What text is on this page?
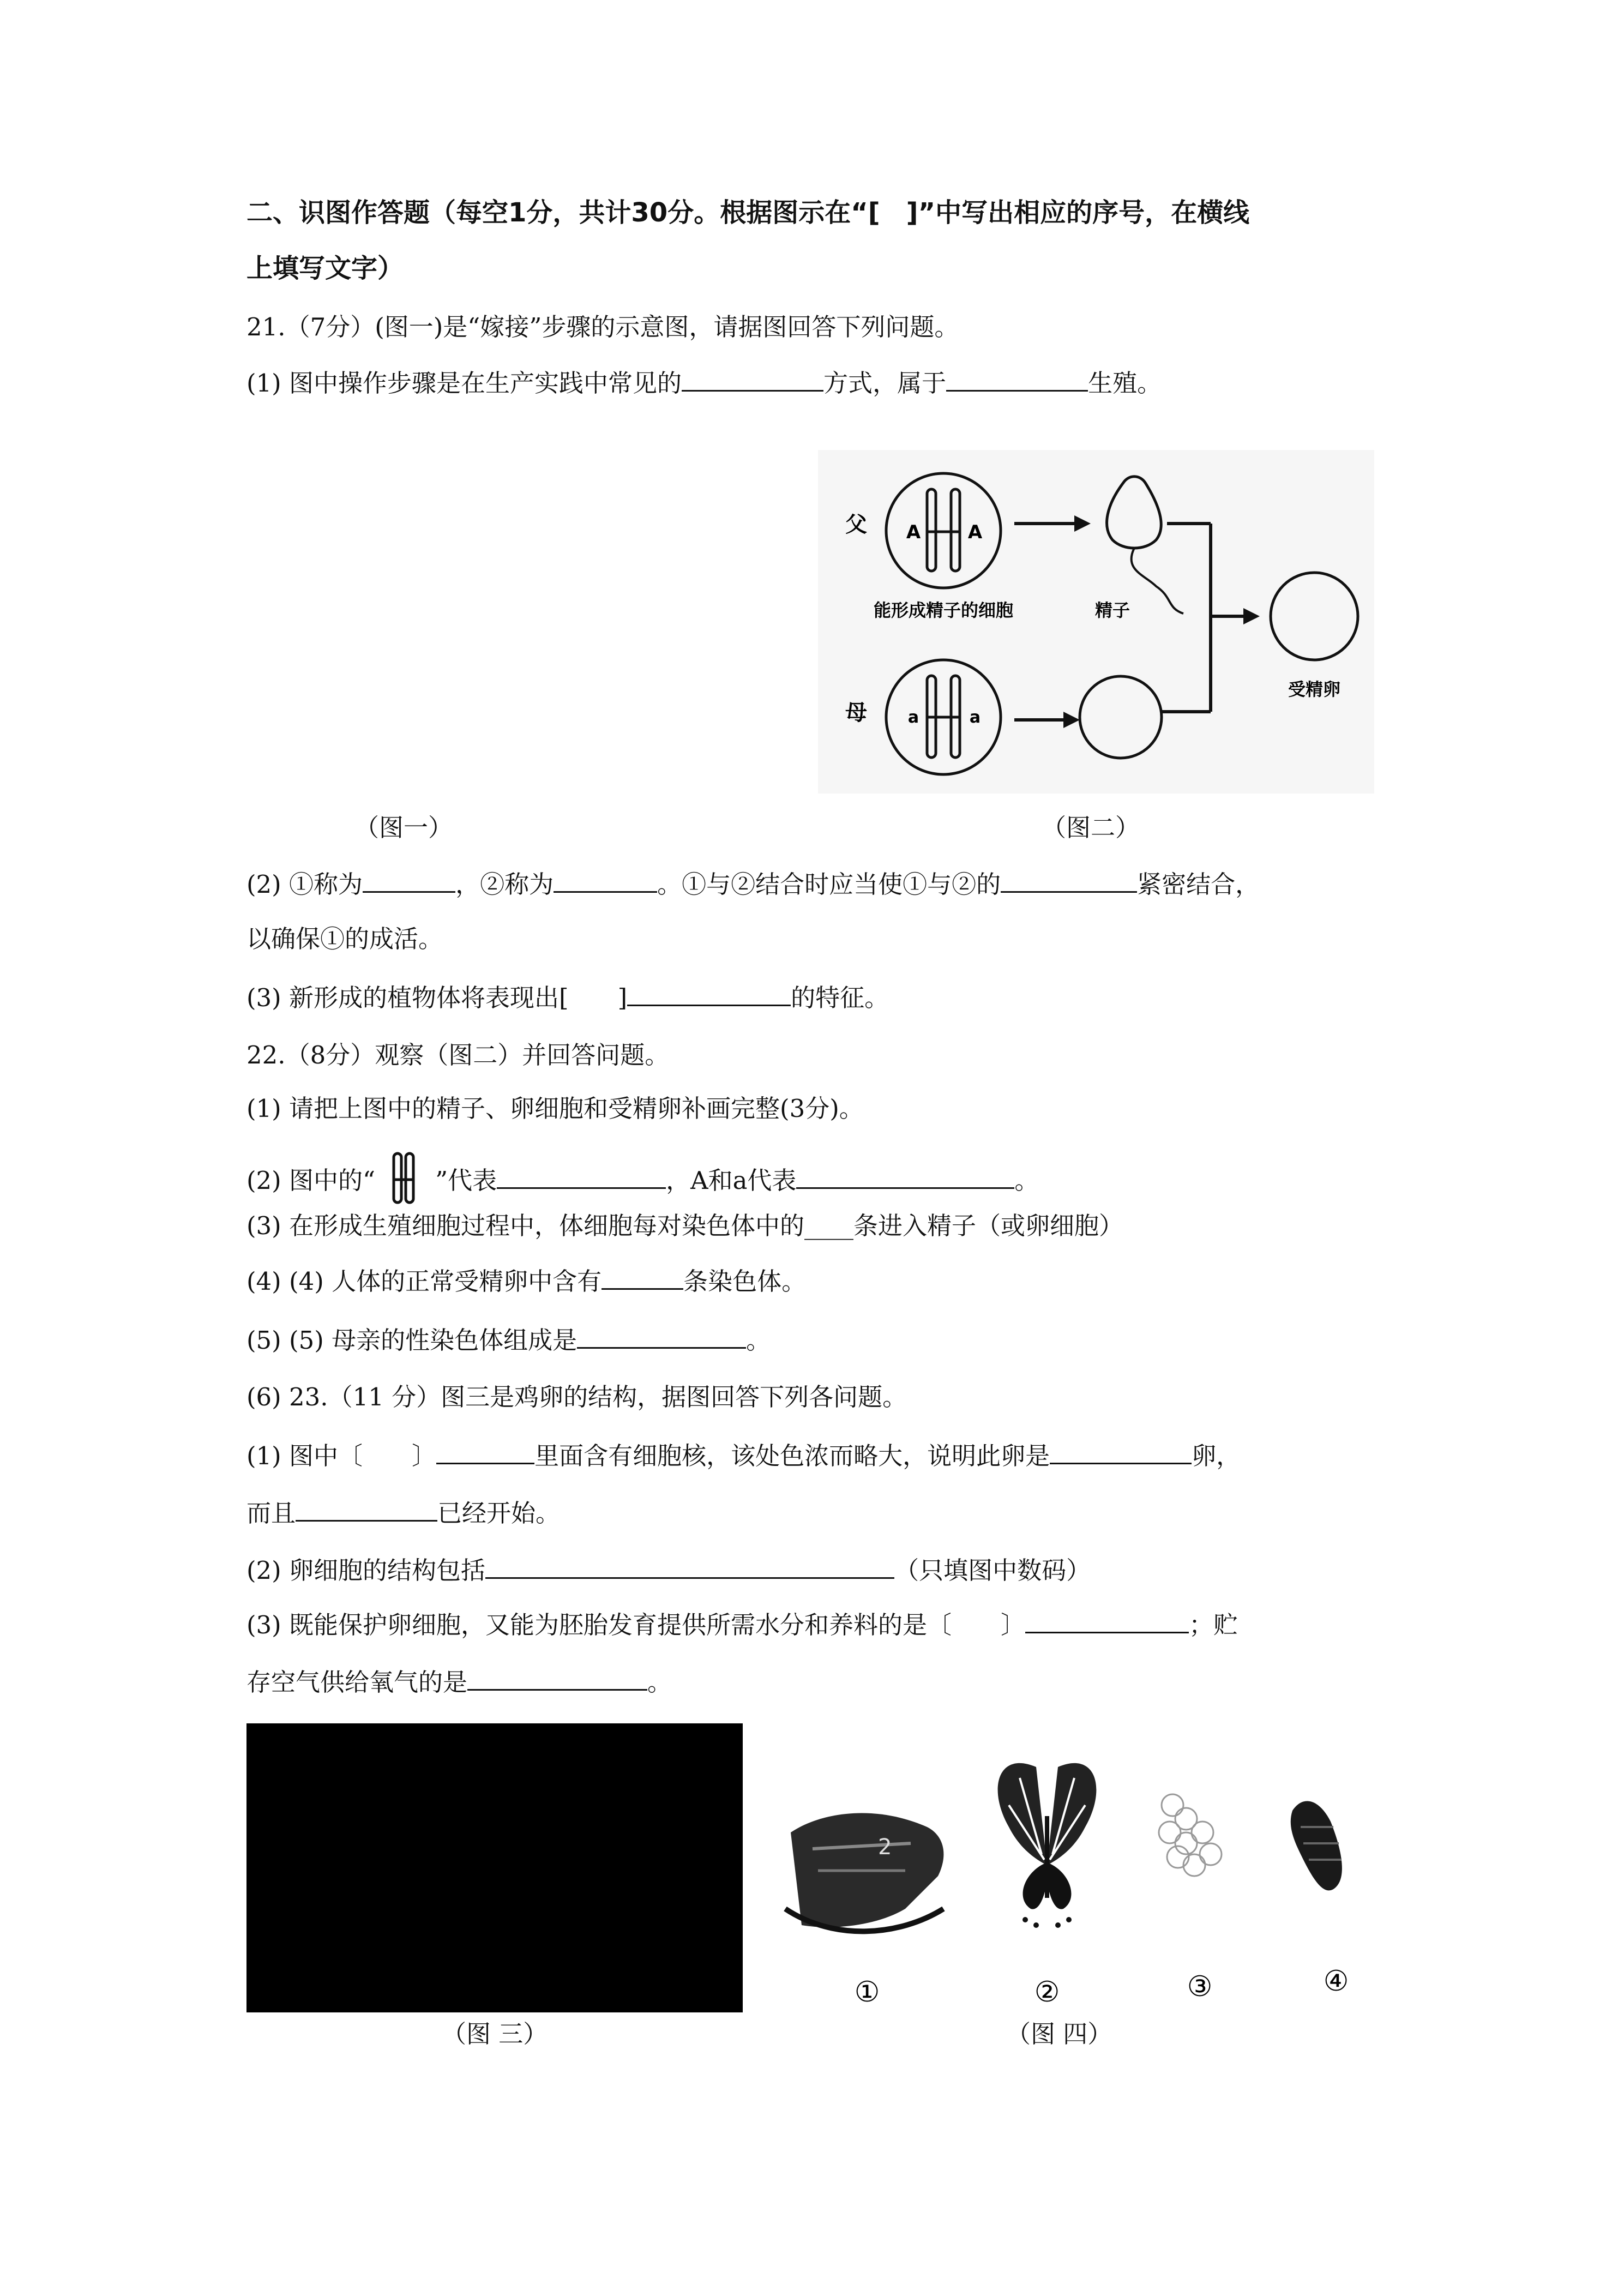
二、识图作答题（每空1分，共计30分。根据图示在“[　]”中写出相应的序号，在横线
上填写文字）
21.（7分）(图一)是“嫁接”步骤的示意图，请据图回答下列问题。
(1) 图中操作步骤是在生产实践中常见的	方式，属于	生殖。
父 A	A
能形成精子的细胞	精子
受精卵
母 a	a
（图一）	（图二）
(2) ①称为	，②称为	。①与②结合时应当使①与②的	紧密结合，
以确保①的成活。
(3) 新形成的植物体将表现出[　　]	的特征。
22.（8分）观察（图二）并回答问题。
(1) 请把上图中的精子、卵细胞和受精卵补画完整(3分)。
(2) 图中的“ ”代表	，A和a代表	。
(3) 在形成生殖细胞过程中，体细胞每对染色体中的____条进入精子（或卵细胞）
(4) (4) 人体的正常受精卵中含有	条染色体。
(5) (5) 母亲的性染色体组成是	。
(6) 23.（11 分）图三是鸡卵的结构，据图回答下列各问题。
(1) 图中〔　　〕	里面含有细胞核，该处色浓而略大，说明此卵是	卵，
而且	已经开始。
(2) 卵细胞的结构包括	（只填图中数码）
(3) 既能保护卵细胞，又能为胚胎发育提供所需水分和养料的是〔　　〕	；贮
存空气供给氧气的是	。
（图 三）
2
①	②	③	④
（图 四）
